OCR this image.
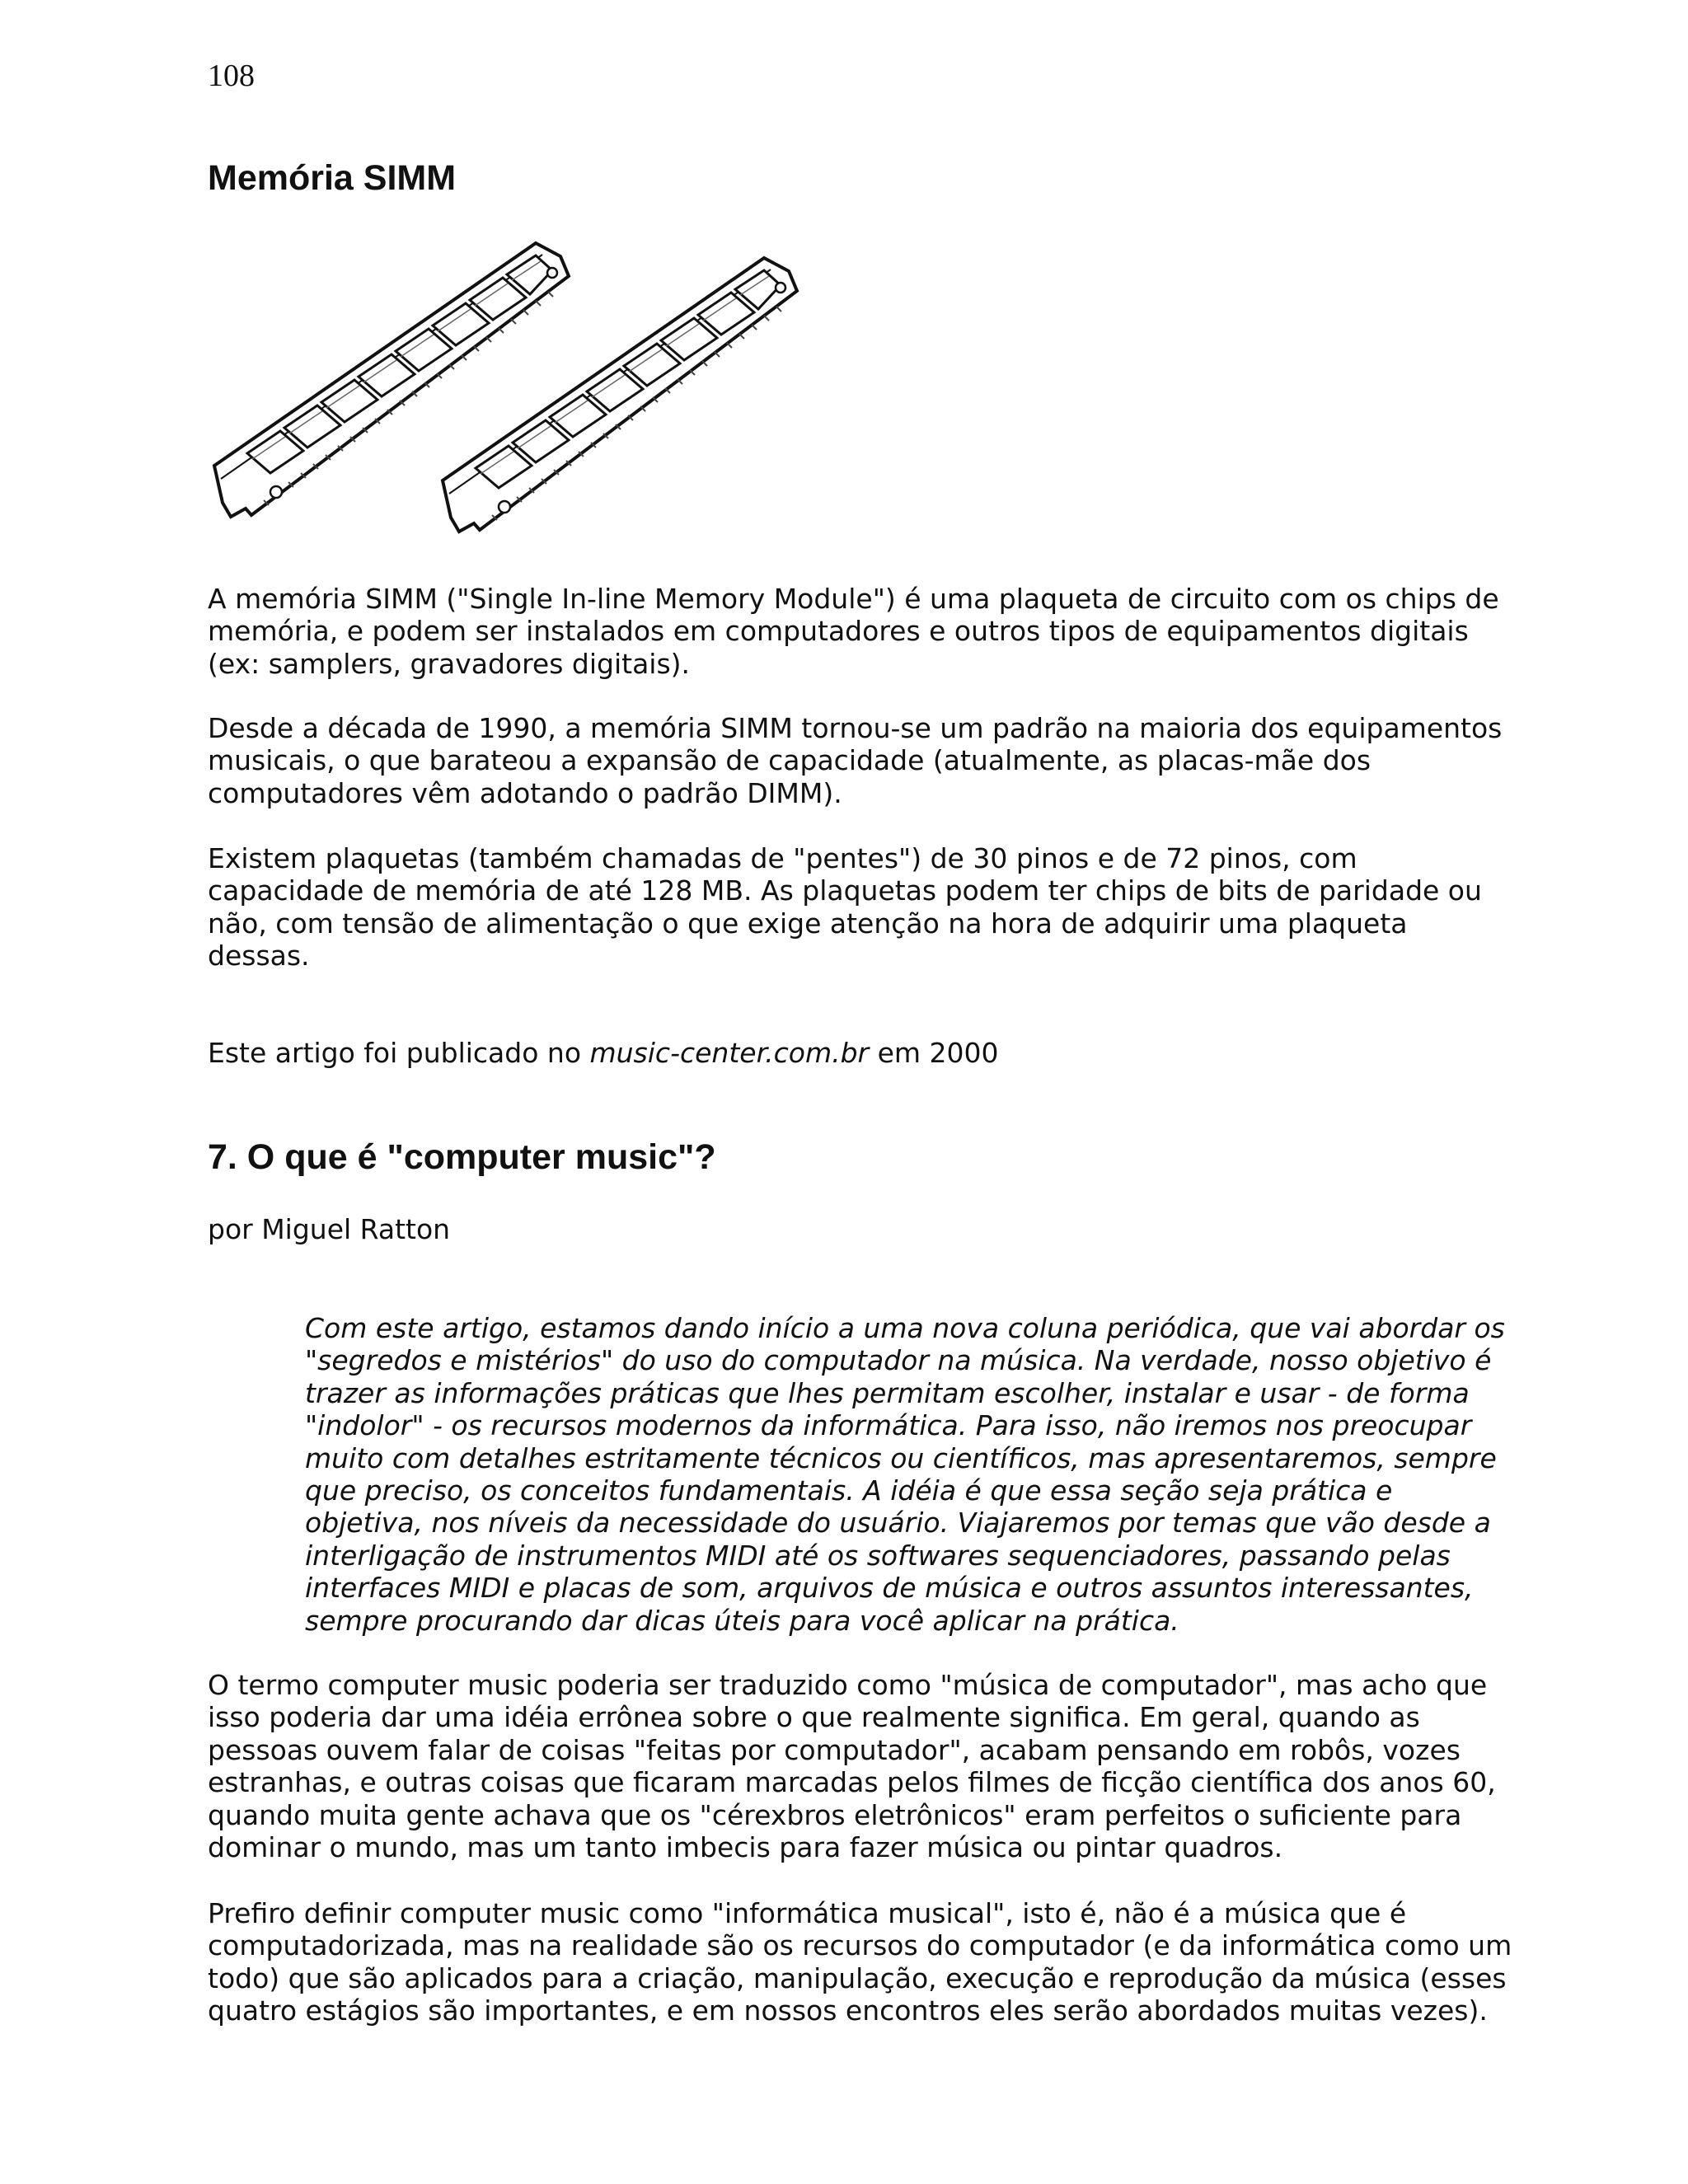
108
Memória SIMM
A memória SIMM ("Single In-line Memory Module") é uma plaqueta de circuito com os chips de
memória, e podem ser instalados em computadores e outros tipos de equipamentos digitais
(ex: samplers, gravadores digitais).
Desde a década de 1990, a memória SIMM tornou-se um padrão na maioria dos equipamentos
musicais, o que barateou a expansão de capacidade (atualmente, as placas-mãe dos
computadores vêm adotando o padrão DIMM).
Existem plaquetas (também chamadas de "pentes") de 30 pinos e de 72 pinos, com
capacidade de memória de até 128 MB. As plaquetas podem ter chips de bits de paridade ou
não, com tensão de alimentação o que exige atenção na hora de adquirir uma plaqueta
dessas.
Este artigo foi publicado no music-center.com.br em 2000
7. O que é "computer music"?
por Miguel Ratton
Com este artigo, estamos dando início a uma nova coluna periódica, que vai abordar os
"segredos e mistérios" do uso do computador na música. Na verdade, nosso objetivo é
trazer as informações práticas que lhes permitam escolher, instalar e usar - de forma
"indolor" - os recursos modernos da informática. Para isso, não iremos nos preocupar
muito com detalhes estritamente técnicos ou científicos, mas apresentaremos, sempre
que preciso, os conceitos fundamentais. A idéia é que essa seção seja prática e
objetiva, nos níveis da necessidade do usuário. Viajaremos por temas que vão desde a
interligação de instrumentos MIDI até os softwares sequenciadores, passando pelas
interfaces MIDI e placas de som, arquivos de música e outros assuntos interessantes,
sempre procurando dar dicas úteis para você aplicar na prática.
O termo computer music poderia ser traduzido como "música de computador", mas acho que
isso poderia dar uma idéia errônea sobre o que realmente significa. Em geral, quando as
pessoas ouvem falar de coisas "feitas por computador", acabam pensando em robôs, vozes
estranhas, e outras coisas que ficaram marcadas pelos filmes de ficção científica dos anos 60,
quando muita gente achava que os "cérexbros eletrônicos" eram perfeitos o suficiente para
dominar o mundo, mas um tanto imbecis para fazer música ou pintar quadros.
Prefiro definir computer music como "informática musical", isto é, não é a música que é
computadorizada, mas na realidade são os recursos do computador (e da informática como um
todo) que são aplicados para a criação, manipulação, execução e reprodução da música (esses
quatro estágios são importantes, e em nossos encontros eles serão abordados muitas vezes).
